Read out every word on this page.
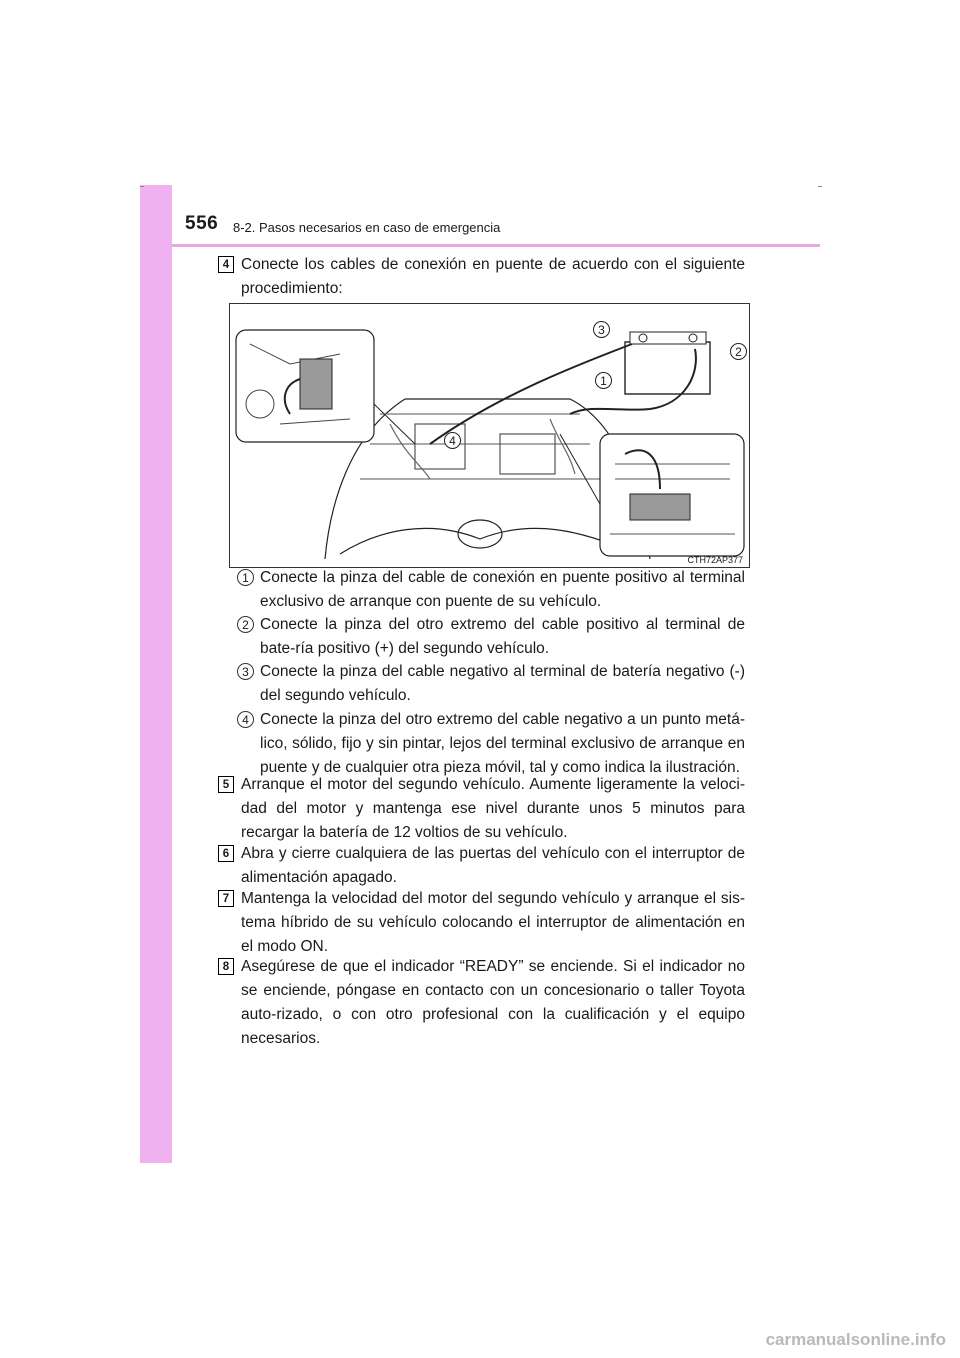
556 8-2. Pasos necesarios en caso de emergencia
4 Conecte los cables de conexión en puente de acuerdo con el siguiente procedimiento:
CTH72AP377
3
2
1
4
1 Conecte la pinza del cable de conexión en puente positivo al terminal exclusivo de arranque con puente de su vehículo.
2 Conecte la pinza del otro extremo del cable positivo al terminal de bate-ría positivo (+) del segundo vehículo.
3 Conecte la pinza del cable negativo al terminal de batería negativo (-) del segundo vehículo.
4 Conecte la pinza del otro extremo del cable negativo a un punto metá-lico, sólido, fijo y sin pintar, lejos del terminal exclusivo de arranque en puente y de cualquier otra pieza móvil, tal y como indica la ilustración.
5 Arranque el motor del segundo vehículo. Aumente ligeramente la veloci-dad del motor y mantenga ese nivel durante unos 5 minutos para recargar la batería de 12 voltios de su vehículo.
6 Abra y cierre cualquiera de las puertas del vehículo con el interruptor de alimentación apagado.
7 Mantenga la velocidad del motor del segundo vehículo y arranque el sis-tema híbrido de su vehículo colocando el interruptor de alimentación en el modo ON.
8 Asegúrese de que el indicador “READY” se enciende. Si el indicador no se enciende, póngase en contacto con un concesionario o taller Toyota auto-rizado, o con otro profesional con la cualificación y el equipo necesarios.
carmanualsonline.info
